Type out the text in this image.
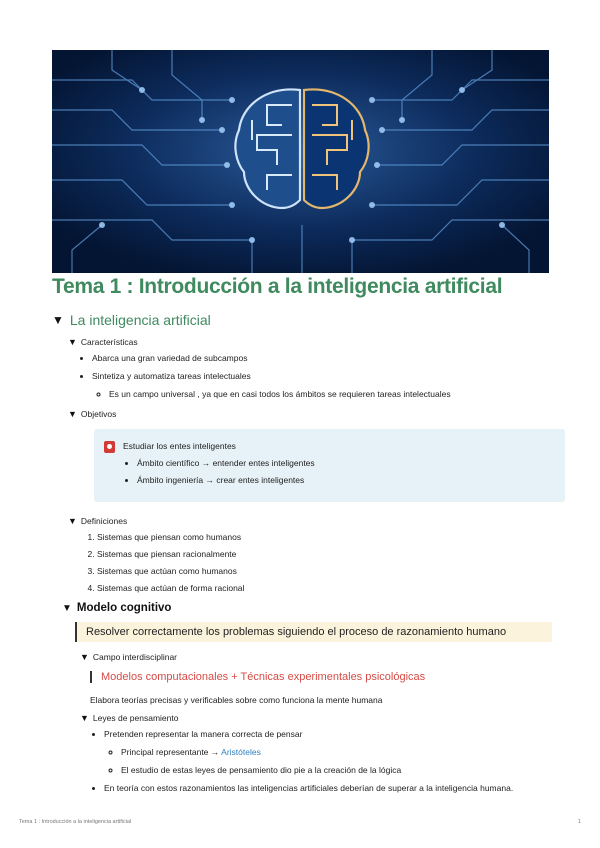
Tema 1 : Introducción a la inteligencia artificial
▼ La inteligencia artificial
▼ Características
• Abarca una gran variedad de subcampos
• Sintetiza y automatiza tareas intelectuales
◦ Es un campo universal , ya que en casi todos los ámbitos se requieren tareas intelectuales
▼ Objetivos
Estudiar los entes inteligentes
• Ámbito científico → entender entes inteligentes
• Ámbito ingeniería → crear entes inteligentes
▼ Definiciones
1. Sistemas que piensan como humanos
2. Sistemas que piensan racionalmente
3. Sistemas que actúan como humanos
4. Sistemas que actúan de forma racional
▼ Modelo cognitivo
Resolver correctamente los problemas siguiendo el proceso de razonamiento humano
▼ Campo interdisciplinar
Modelos computacionales + Técnicas experimentales psicológicas
Elabora teorías precisas y verificables sobre como funciona la mente humana
▼ Leyes de pensamiento
• Pretenden representar la manera correcta de pensar
◦ Principal representante → Aristóteles
◦ El estudio de estas leyes de pensamiento dio pie a la creación de la lógica
• En teoría con estos razonamientos las inteligencias artificiales deberían de superar a la inteligencia humana.
Tema 1 : Introducción a la inteligencia artificial	1
